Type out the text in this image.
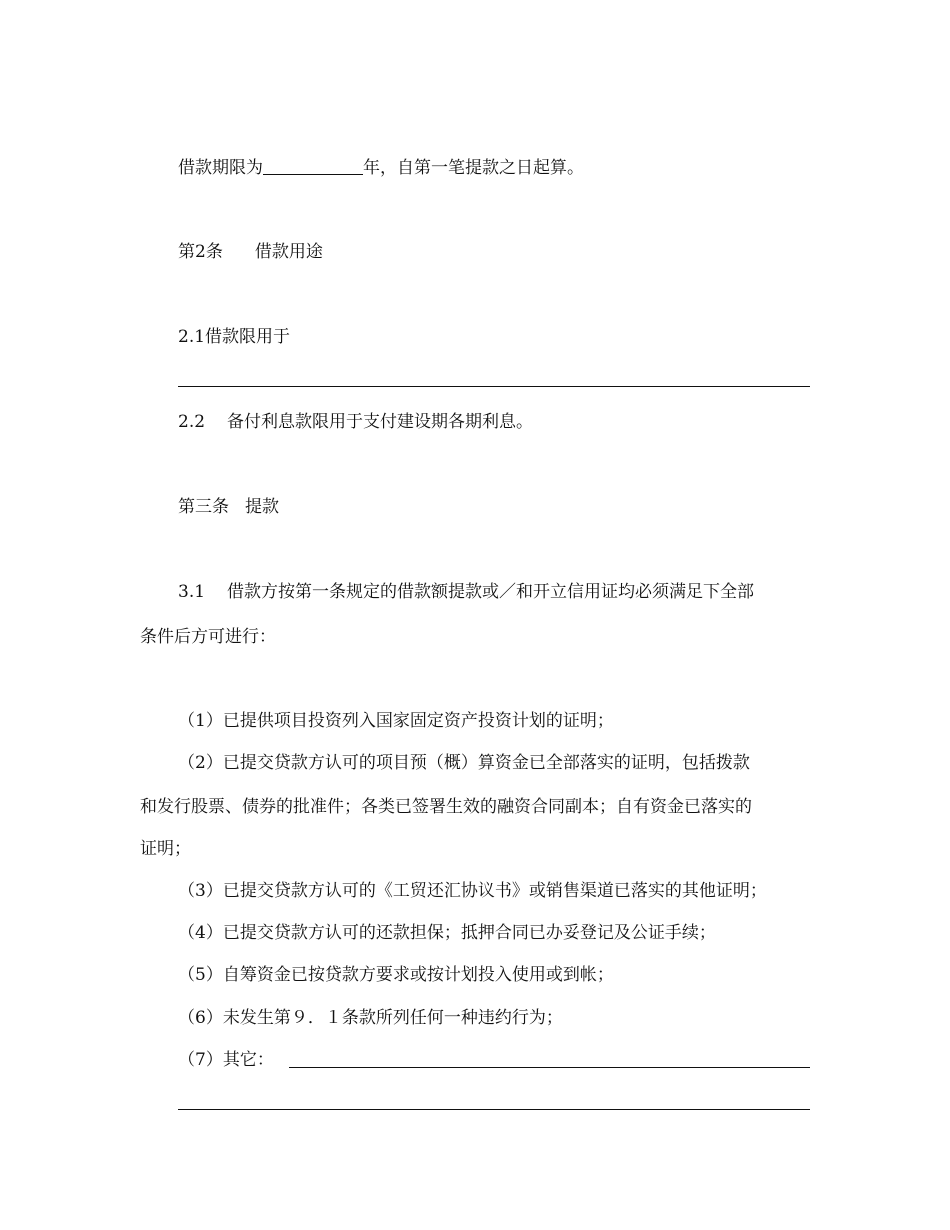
借款期限为	年，自第一笔提款之日起算。
第2条 借款用途
2.1借款限用于
2.2 备付利息款限用于支付建设期各期利息。
第三条 提款
3.1 借款方按第一条规定的借款额提款或／和开立信用证均必须满足下全部
条件后方可进行：
（1）已提供项目投资列入国家固定资产投资计划的证明；
（2）已提交贷款方认可的项目预（概）算资金已全部落实的证明，包括拨款
和发行股票、债券的批准件；各类已签署生效的融资合同副本；自有资金已落实的
证明；
（3）已提交贷款方认可的《工贸还汇协议书》或销售渠道已落实的其他证明；
（4）已提交贷款方认可的还款担保；抵押合同已办妥登记及公证手续；
（5）自筹资金已按贷款方要求或按计划投入使用或到帐；
（6）未发生第９．１条款所列任何一种违约行为；
（7）其它：
